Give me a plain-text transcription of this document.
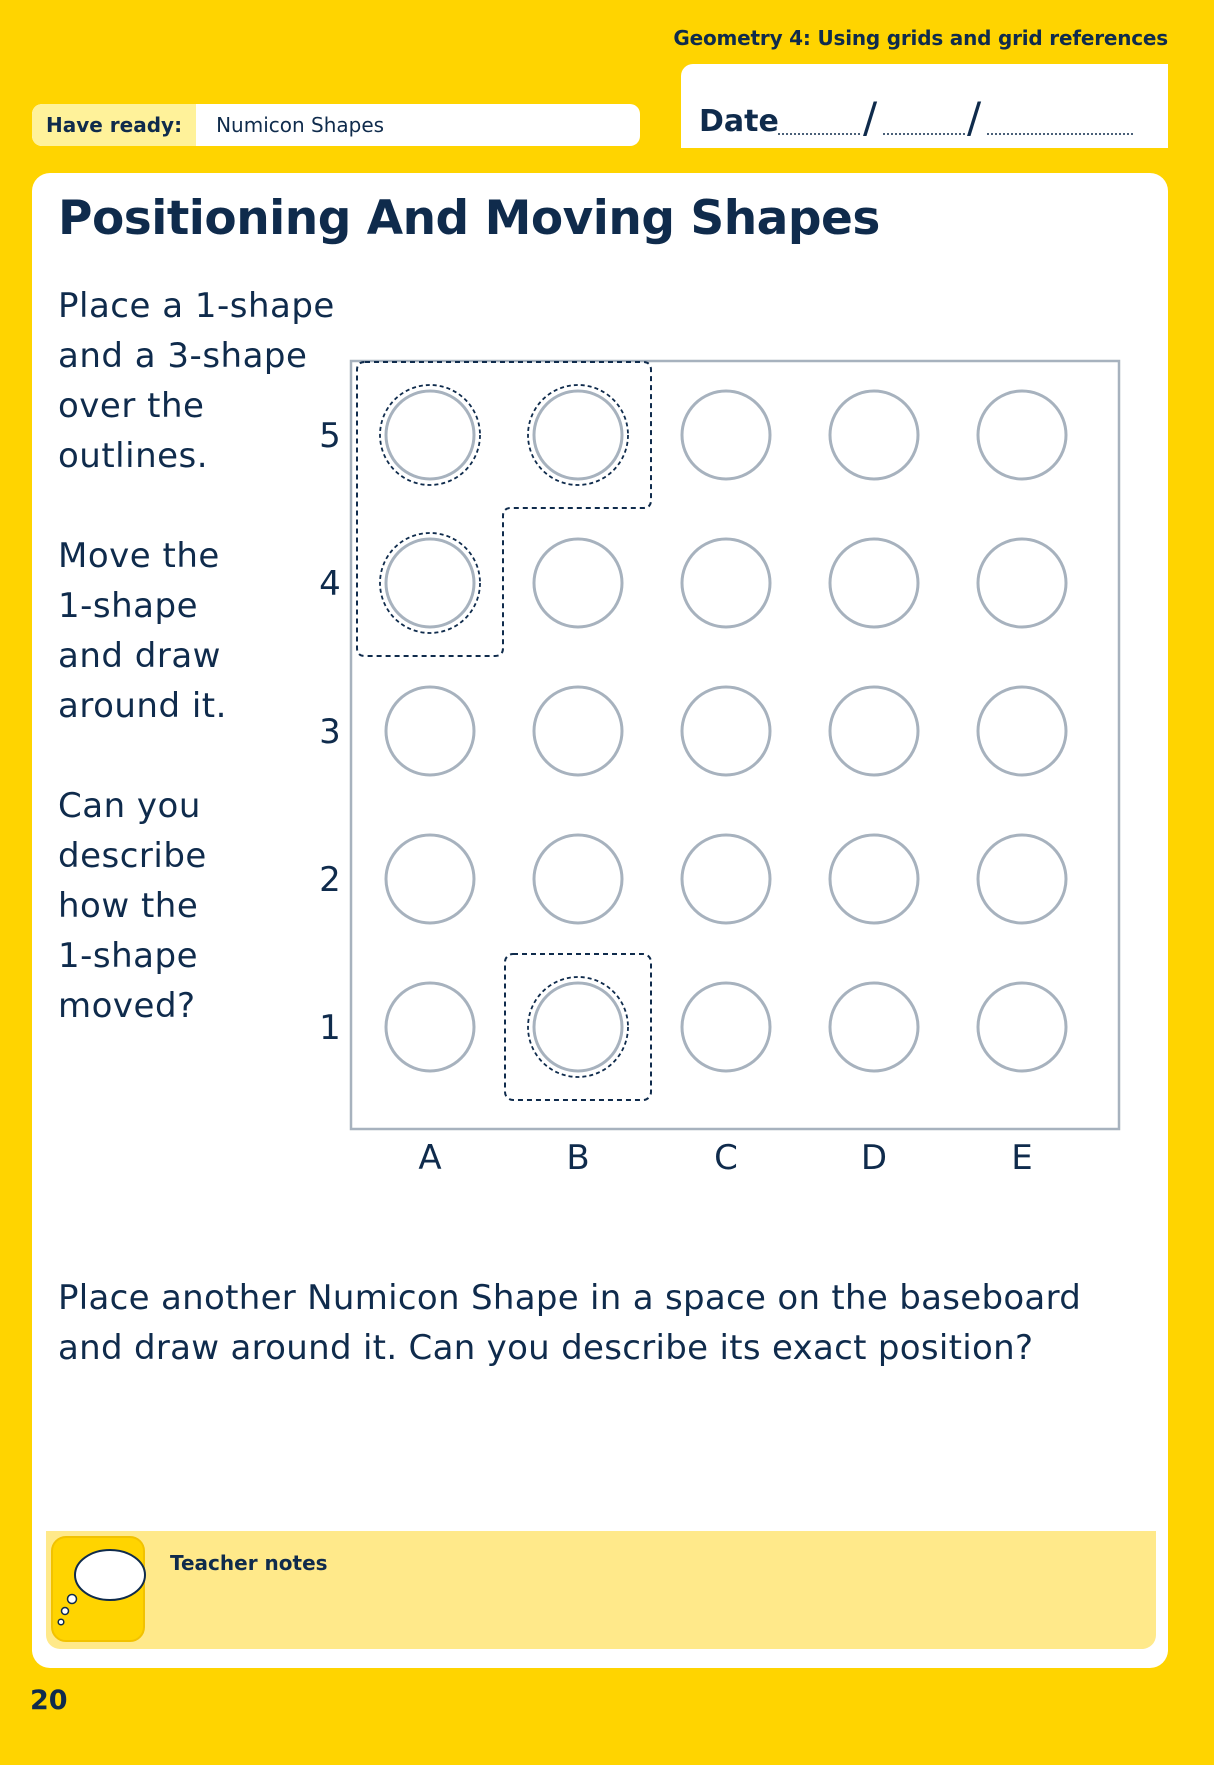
Geometry 4: Using grids and grid references
Have ready:	Numicon Shapes	Date / /
Positioning And Moving Shapes
Place a 1-shape
and a 3-shape
over the
outlines.
Move the
1-shape
and draw
around it.
Can you
describe
how the
1-shape
moved?
5
4
3
2
1
A	B	C	D	E
Place another Numicon Shape in a space on the baseboard
and draw around it. Can you describe its exact position?
Teacher notes
20
